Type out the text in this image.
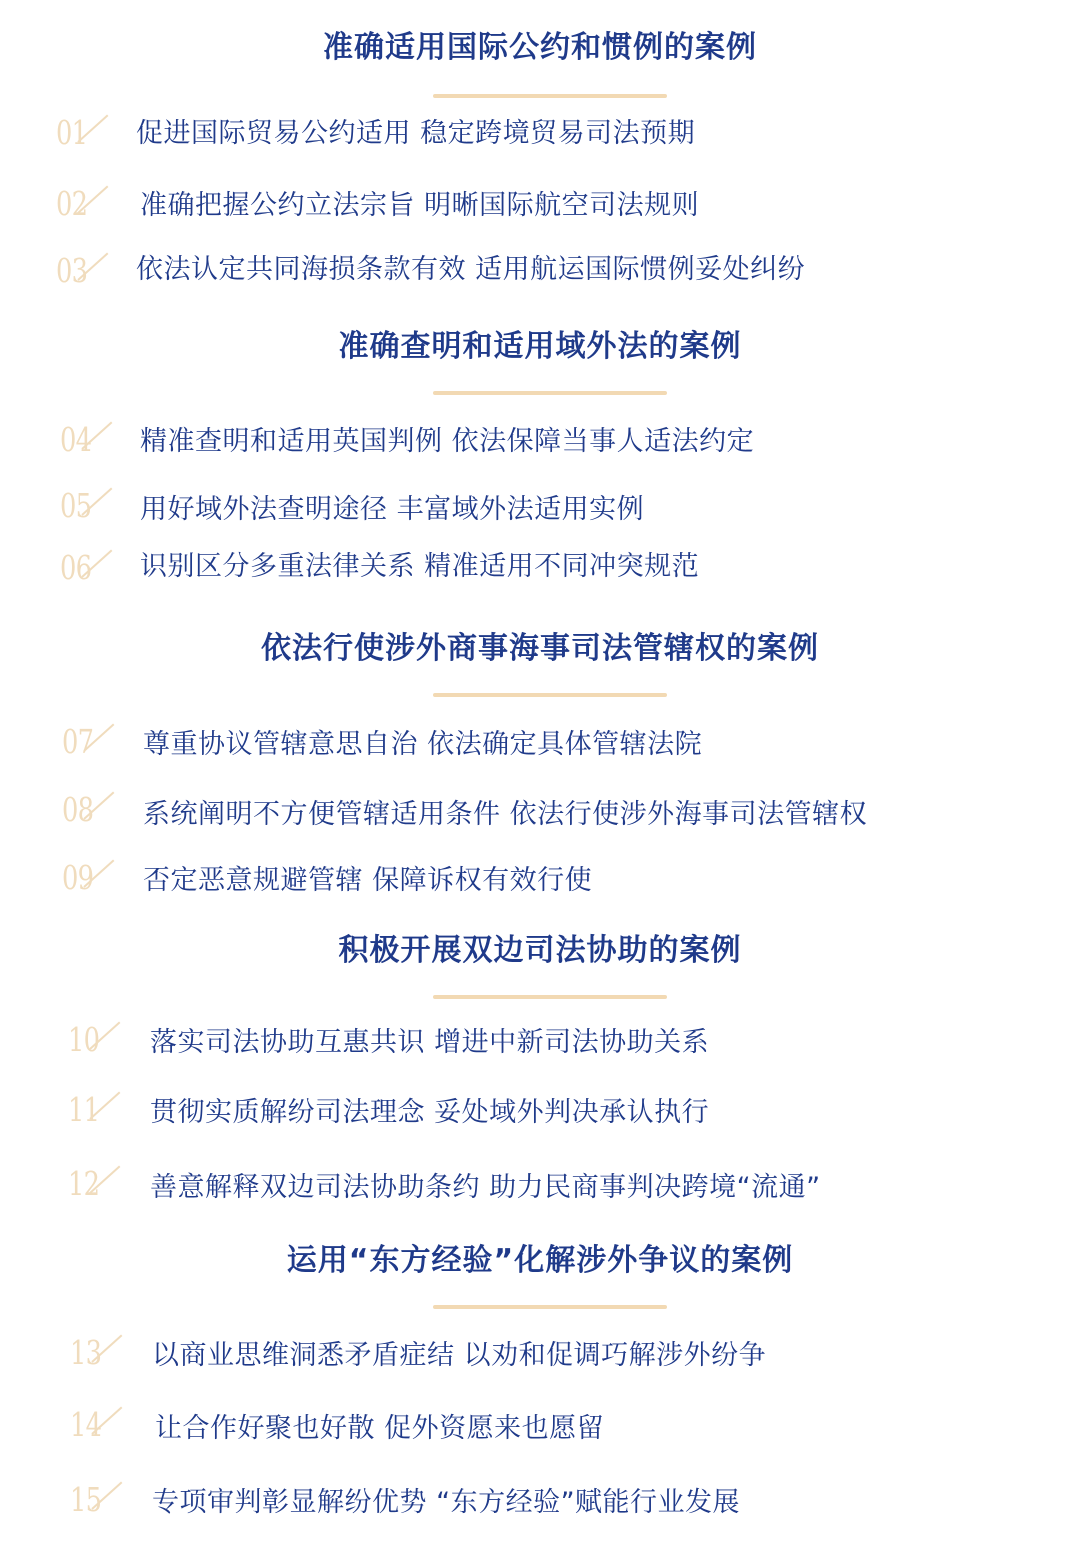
准确适用国际公约和惯例的案例
01 促进国际贸易公约适用 稳定跨境贸易司法预期
02 准确把握公约立法宗旨 明晰国际航空司法规则
03 依法认定共同海损条款有效 适用航运国际惯例妥处纠纷
准确查明和适用域外法的案例
04 精准查明和适用英国判例 依法保障当事人适法约定
05 用好域外法查明途径 丰富域外法适用实例
06 识别区分多重法律关系 精准适用不同冲突规范
依法行使涉外商事海事司法管辖权的案例
07 尊重协议管辖意思自治 依法确定具体管辖法院
08 系统阐明不方便管辖适用条件 依法行使涉外海事司法管辖权
09 否定恶意规避管辖 保障诉权有效行使
积极开展双边司法协助的案例
10 落实司法协助互惠共识 增进中新司法协助关系
11 贯彻实质解纷司法理念 妥处域外判决承认执行
12 善意解释双边司法协助条约 助力民商事判决跨境“流通”
运用“东方经验”化解涉外争议的案例
13 以商业思维洞悉矛盾症结 以劝和促调巧解涉外纷争
14 让合作好聚也好散 促外资愿来也愿留
15 专项审判彰显解纷优势 “东方经验”赋能行业发展
